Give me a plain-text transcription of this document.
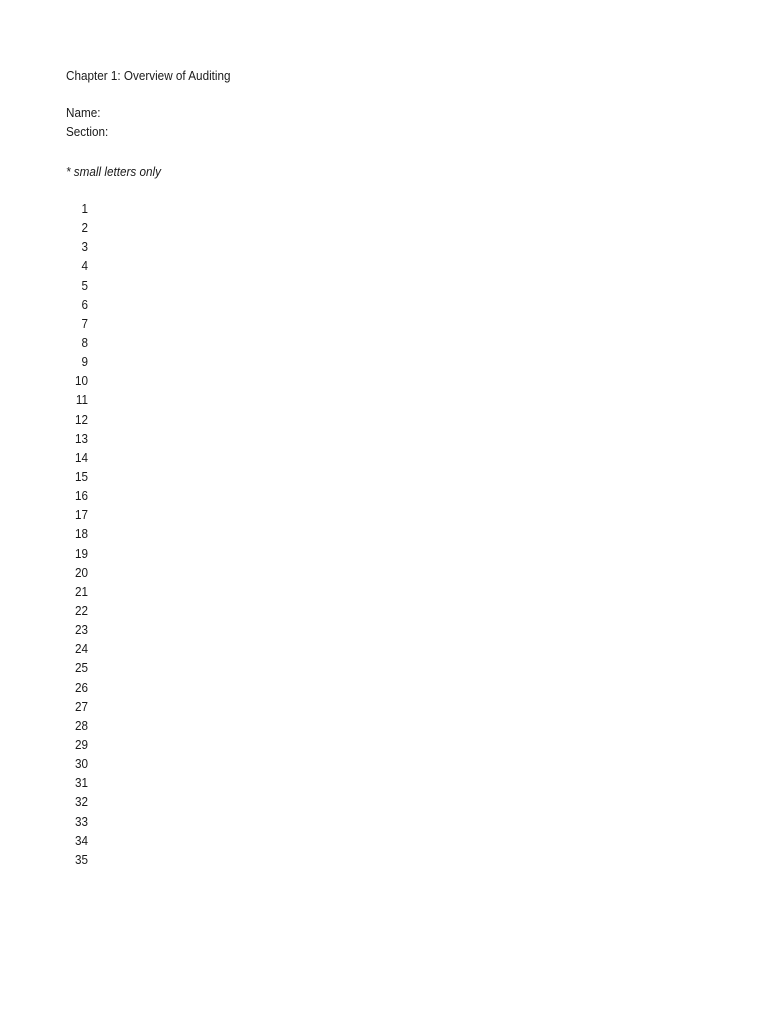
Chapter 1: Overview of Auditing
Name:
Section:
* small letters only
1
2
3
4
5
6
7
8
9
10
11
12
13
14
15
16
17
18
19
20
21
22
23
24
25
26
27
28
29
30
31
32
33
34
35
